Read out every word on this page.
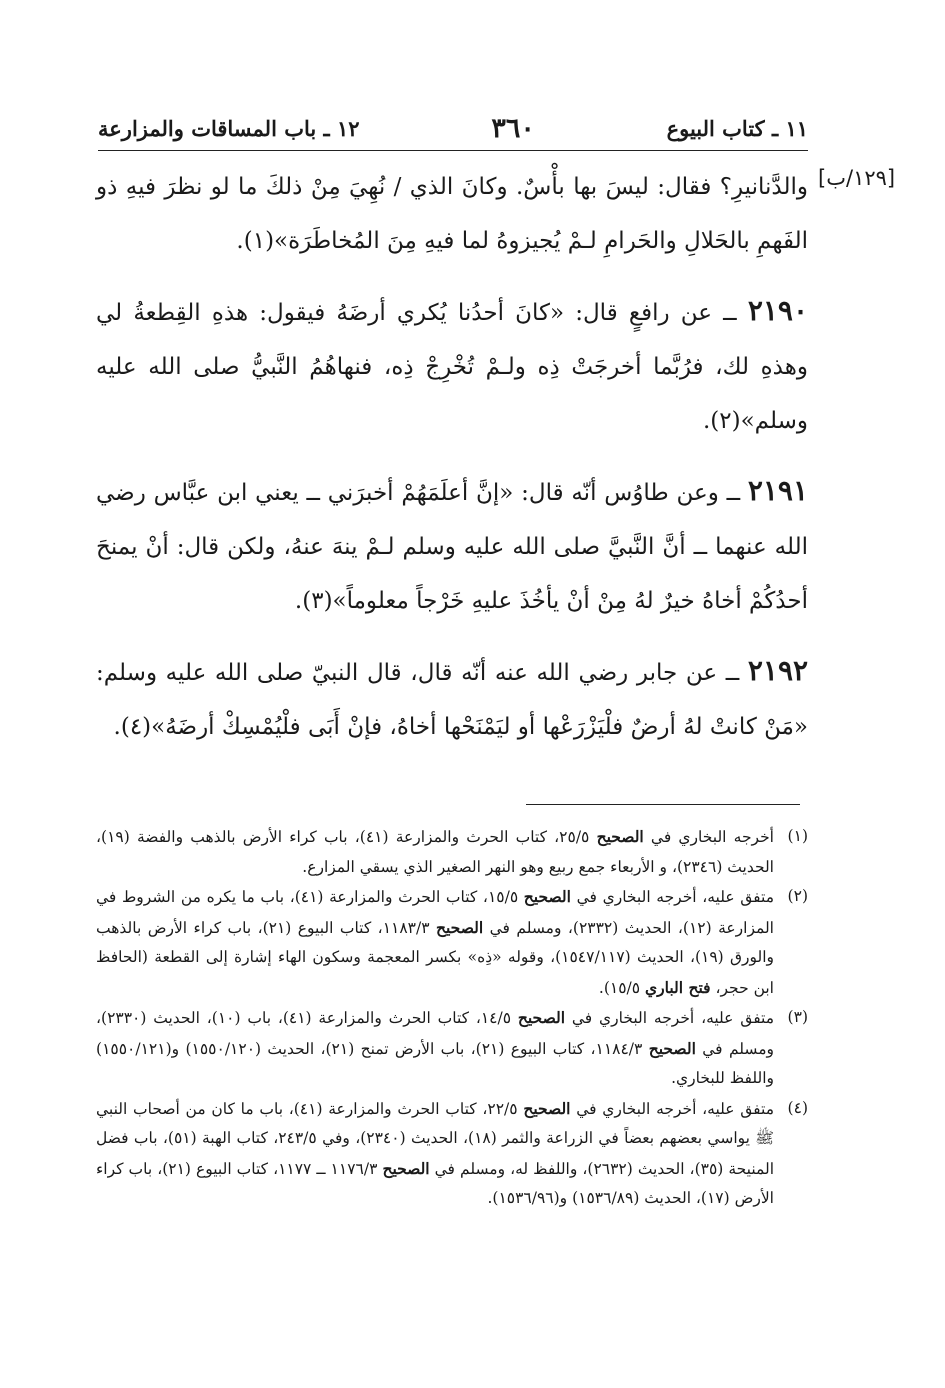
١١ ـ كتاب البيوع
٣٦٠
١٢ ـ باب المساقات والمزارعة
[١٢٩/ب]

والدَّنانيرِ؟ فقال: ليسَ بها بأْسٌ. وكانَ الذي / نُهِيَ مِنْ ذلكَ ما لو نظرَ فيهِ ذو الفَهمِ بالحَلالِ والحَرامِ لـمْ يُجيزوهُ لما فيهِ مِنَ المُخاطَرَة»(١).

٢١٩٠ ــ عن رافعٍ قال: «كانَ أحدُنا يُكري أرضَهُ فيقول: هذهِ القِطعةُ لي وهذهِ لك، فرُبَّما أخرجَتْ ذِه ولـمْ تُخْرِجْ ذِه، فنهاهُمُ النَّبيُّ صلى الله عليه وسلم»(٢).

٢١٩١ ــ وعن طاوُس أنّه قال: «إنَّ أعلَمَهُمْ أخبرَني ــ يعني ابن عبَّاس رضي الله عنهما ــ أنَّ النَّبيَّ صلى الله عليه وسلم لـمْ ينهَ عنهُ، ولكن قال: أنْ يمنحَ أحدُكُمْ أخاهُ خيرٌ لهُ مِنْ أنْ يأخُذَ عليهِ خَرْجاً معلوماً»(٣).

٢١٩٢ ــ عن جابر رضي الله عنه أنّه قال، قال النبيّ صلى الله عليه وسلم: «مَنْ كانتْ لهُ أرضٌ فلْيَزْرَعْها أو ليَمْنَحْها أخاهُ، فإنْ أَبَى فلْيُمْسِكْ أرضَهُ»(٤).

(١)
أخرجه البخاري في الصحيح ٢٥/٥، كتاب الحرث والمزارعة (٤١)، باب كراء الأرض بالذهب والفضة (١٩)، الحديث (٢٣٤٦)، و الأربعاء جمع ربيع وهو النهر الصغير الذي يسقي المزارع.
(٢)
متفق عليه، أخرجه البخاري في الصحيح ١٥/٥، كتاب الحرث والمزارعة (٤١)، باب ما يكره من الشروط في المزارعة (١٢)، الحديث (٢٣٣٢)، ومسلم في الصحيح ١١٨٣/٣، كتاب البيوع (٢١)، باب كراء الأرض بالذهب والورق (١٩)، الحديث (١٥٤٧/١١٧)، وقوله «ذِه» بكسر المعجمة وسكون الهاء إشارة إلى القطعة (الحافظ ابن حجر، فتح الباري ١٥/٥).
(٣)
متفق عليه، أخرجه البخاري في الصحيح ١٤/٥، كتاب الحرث والمزارعة (٤١)، باب (١٠)، الحديث (٢٣٣٠)، ومسلم في الصحيح ١١٨٤/٣، كتاب البيوع (٢١)، باب الأرض تمنح (٢١)، الحديث (١٥٥٠/١٢٠) و(١٥٥٠/١٢١) واللفظ للبخاري.
(٤)
متفق عليه، أخرجه البخاري في الصحيح ٢٢/٥، كتاب الحرث والمزارعة (٤١)، باب ما كان من أصحاب النبي ﷺ يواسي بعضهم بعضاً في الزراعة والثمر (١٨)، الحديث (٢٣٤٠)، وفي ٢٤٣/٥، كتاب الهبة (٥١)، باب فضل المنيحة (٣٥)، الحديث (٢٦٣٢)، واللفظ له، ومسلم في الصحيح ١١٧٦/٣ ــ ١١٧٧، كتاب البيوع (٢١)، باب كراء الأرض (١٧)، الحديث (١٥٣٦/٨٩) و(١٥٣٦/٩٦).
